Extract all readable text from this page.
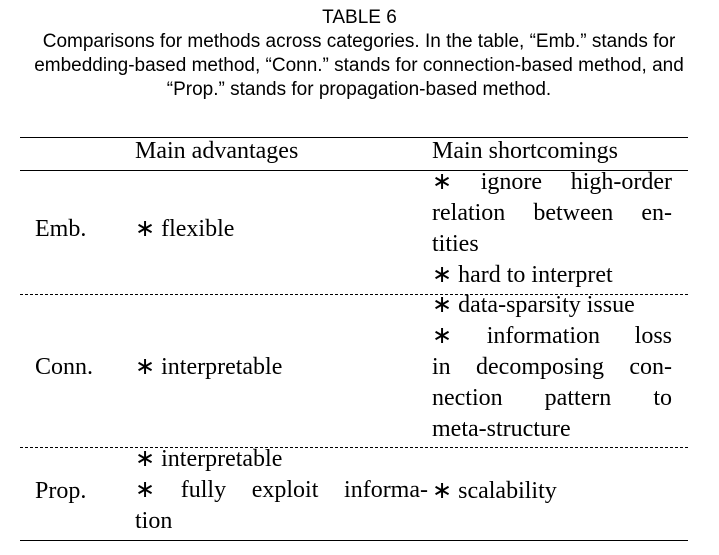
TABLE 6
Comparisons for methods across categories. In the table, “Emb.” stands for embedding-based method, “Conn.” stands for connection-based method, and “Prop.” stands for propagation-based method.
Main advantages	Main shortcomings
Emb. ∗ flexible
∗ ignore high-order
relation between en-
tities
∗ hard to interpret
Conn. ∗ interpretable
∗ data-sparsity issue
∗ information loss
in decomposing con-
nection pattern to
meta-structure
Prop.
∗ interpretable
∗ fully exploit informa-
tion
∗ scalability
